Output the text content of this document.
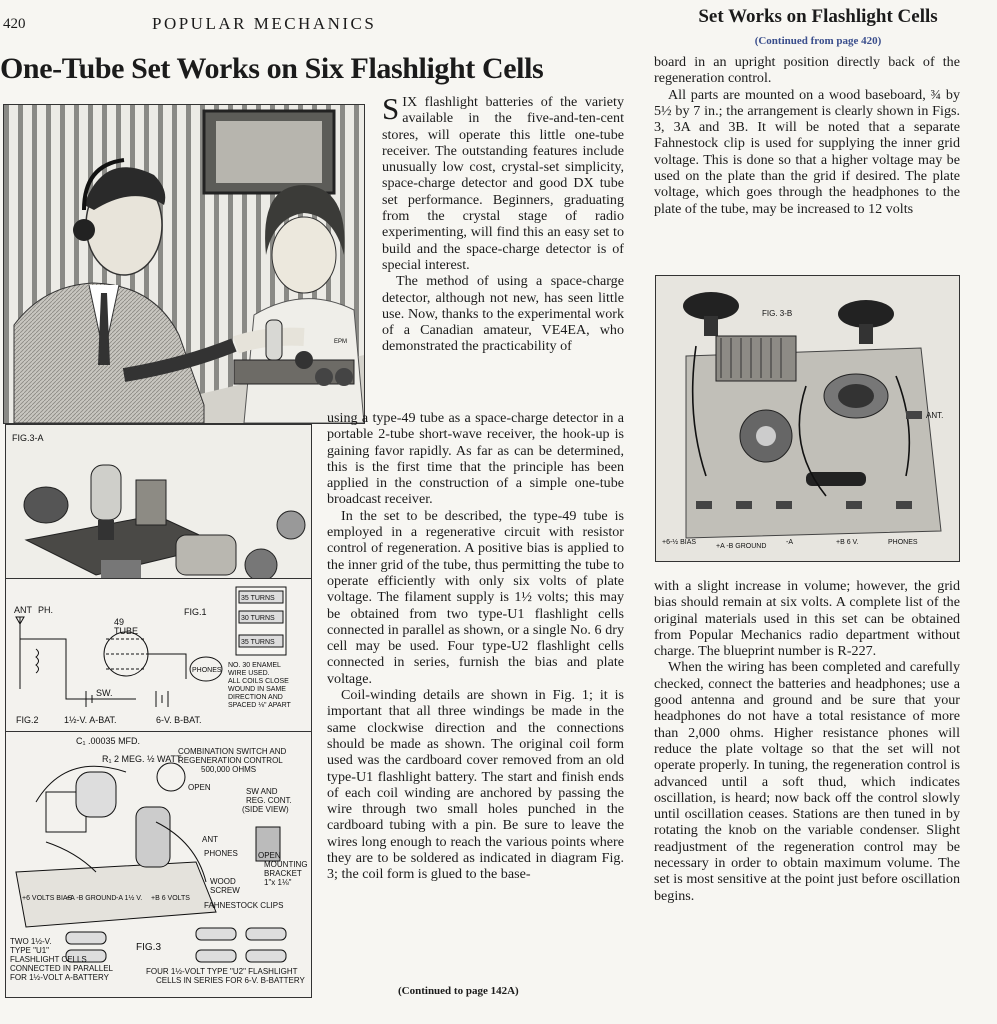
420	POPULAR MECHANICS
One-Tube Set Works on Six Flashlight Cells
Set Works on Flashlight Cells
(Continued from page 420)
EPM
FIG.3-A
ANT PH.
49
TUBE
PHONES
SW.
FIG.2	1½-V. A-BAT.	6-V. B-BAT.
FIG.1
35 TURNS
30 TURNS
35 TURNS
NO. 30 ENAMEL
WIRE USED.
ALL COILS CLOSE
WOUND IN SAME
DIRECTION AND
SPACED ⅛" APART
C₁ .00035 MFD.
R₁ 2 MEG. ½ WATT
COMBINATION SWITCH AND
REGENERATION CONTROL
500,000 OHMS
SW AND
REG. CONT.
(SIDE VIEW)
OPEN
OPEN
MOUNTING
BRACKET
1"x 1⅛"
WOOD
SCREW
ANT
PHONES
FAHNESTOCK CLIPS
+6 VOLTS BIAS
+A -B GROUND -A 1½ V. +B 6 VOLTS
FIG.3
TWO 1½-V.
TYPE "U1"
FLASHLIGHT CELLS
CONNECTED IN PARALLEL
FOR 1½-VOLT A-BATTERY
FOUR 1½-VOLT TYPE "U2" FLASHLIGHT
CELLS IN SERIES FOR 6-V. B-BATTERY

SIX flashlight batteries of the variety available in the five-and-ten-cent stores, will operate this little one-tube receiver. The outstanding features include unusually low cost, crystal-set simplicity, space-charge detector and good DX tube set performance. Beginners, graduating from the crystal stage of radio experimenting, will find this an easy set to build and the space-charge detector is of special interest.

The method of using a space-charge detector, although not new, has seen little use. Now, thanks to the experimental work of a Canadian amateur, VE4EA, who demonstrated the practicability of

using a type-49 tube as a space-charge detector in a portable 2-tube short-wave receiver, the hook-up is gaining favor rapidly. As far as can be determined, this is the first time that the principle has been applied in the construction of a simple one-tube broadcast receiver.

In the set to be described, the type-49 tube is employed in a regenerative circuit with resistor control of regeneration. A positive bias is applied to the inner grid of the tube, thus permitting the tube to operate efficiently with only six volts of plate voltage. The filament supply is 1½ volts; this may be obtained from two type-U1 flashlight cells connected in parallel as shown, or a single No. 6 dry cell may be used. Four type-U2 flashlight cells connected in series, furnish the bias and plate voltage.

Coil-winding details are shown in Fig. 1; it is important that all three windings be made in the same clockwise direction and the connections should be made as shown. The original coil form used was the cardboard cover removed from an old type-U1 flashlight battery. The start and finish ends of each coil winding are anchored by passing the wire through two small holes punched in the cardboard tubing with a pin. Be sure to leave the wires long enough to reach the various points where they are to be soldered as indicated in diagram Fig. 3; the coil form is glued to the base-

(Continued to page 142A)

board in an upright position directly back of the regeneration control.

All parts are mounted on a wood baseboard, ¾ by 5½ by 7 in.; the arrangement is clearly shown in Figs. 3, 3A and 3B. It will be noted that a separate Fahnestock clip is used for supplying the inner grid voltage. This is done so that a higher voltage may be used on the plate than the grid if desired. The plate voltage, which goes through the headphones to the plate of the tube, may be increased to 12 volts

FIG. 3-B
ANT.
+6-½ BIAS
+A -B GROUND
-A	+B 6 V.	PHONES

with a slight increase in volume; however, the grid bias should remain at six volts. A complete list of the original materials used in this set can be obtained from Popular Mechanics radio department without charge. The blueprint number is R-227.

When the wiring has been completed and carefully checked, connect the batteries and headphones; use a good antenna and ground and be sure that your headphones do not have a total resistance of more than 2,000 ohms. Higher resistance phones will reduce the plate voltage so that the set will not operate properly. In tuning, the regeneration control is advanced until a soft thud, which indicates oscillation, is heard; now back off the control slowly until oscillation ceases. Stations are then tuned in by rotating the knob on the variable condenser. Slight readjustment of the regeneration control may be necessary in order to obtain maximum volume. The set is most sensitive at the point just before oscillation begins.
